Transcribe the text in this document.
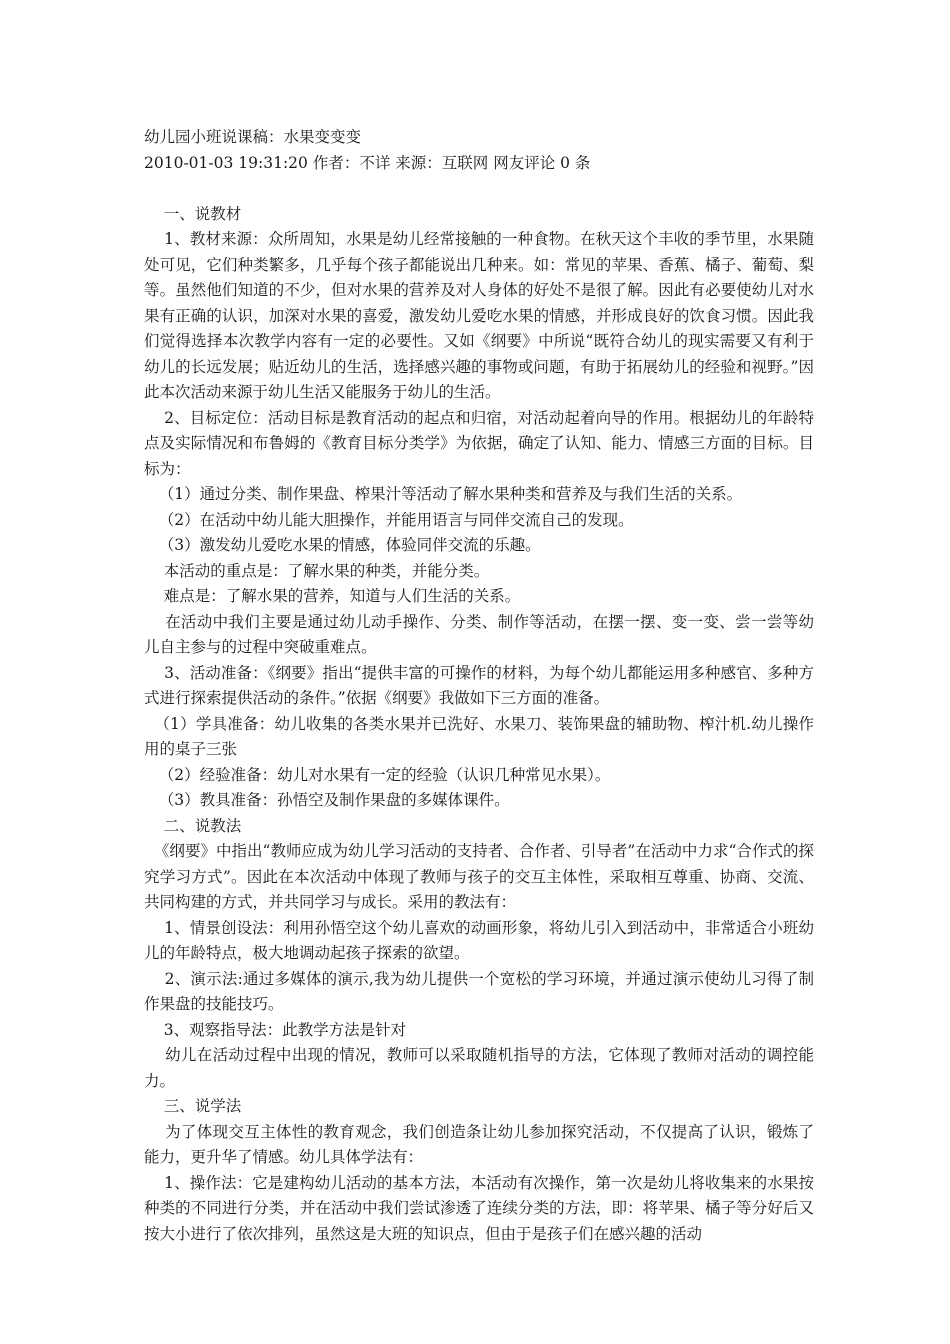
幼儿园小班说课稿：水果变变变
2010-01-03 19:31:20 作者：不详 来源：互联网 网友评论 0 条
一、说教材
1、教材来源：众所周知，水果是幼儿经常接触的一种食物。在秋天这个丰收的季节里，水果随处可见，它们种类繁多，几乎每个孩子都能说出几种来。如：常见的苹果、香蕉、橘子、葡萄、梨等。虽然他们知道的不少，但对水果的营养及对人身体的好处不是很了解。因此有必要使幼儿对水果有正确的认识，加深对水果的喜爱，激发幼儿爱吃水果的情感，并形成良好的饮食习惯。因此我们觉得选择本次教学内容有一定的必要性。又如《纲要》中所说“既符合幼儿的现实需要又有利于幼儿的长远发展；贴近幼儿的生活，选择感兴趣的事物或问题，有助于拓展幼儿的经验和视野。”因此本次活动来源于幼儿生活又能服务于幼儿的生活。
2、目标定位：活动目标是教育活动的起点和归宿，对活动起着向导的作用。根据幼儿的年龄特点及实际情况和布鲁姆的《教育目标分类学》为依据，确定了认知、能力、情感三方面的目标。目标为：
（1）通过分类、制作果盘、榨果汁等活动了解水果种类和营养及与我们生活的关系。
（2）在活动中幼儿能大胆操作，并能用语言与同伴交流自己的发现。
（3）激发幼儿爱吃水果的情感，体验同伴交流的乐趣。
本活动的重点是：了解水果的种类，并能分类。
难点是：了解水果的营养，知道与人们生活的关系。
在活动中我们主要是通过幼儿动手操作、分类、制作等活动，在摆一摆、变一变、尝一尝等幼儿自主参与的过程中突破重难点。
3、活动准备：《纲要》指出“提供丰富的可操作的材料，为每个幼儿都能运用多种感官、多种方式进行探索提供活动的条件。”依据《纲要》我做如下三方面的准备。
（1）学具准备：幼儿收集的各类水果并已洗好、水果刀、装饰果盘的辅助物、榨汁机.幼儿操作用的桌子三张
（2）经验准备：幼儿对水果有一定的经验（认识几种常见水果）。
（3）教具准备：孙悟空及制作果盘的多媒体课件。
二、说教法
《纲要》中指出“教师应成为幼儿学习活动的支持者、合作者、引导者”在活动中力求“合作式的探究学习方式”。因此在本次活动中体现了教师与孩子的交互主体性，采取相互尊重、协商、交流、共同构建的方式，并共同学习与成长。采用的教法有：
1、情景创设法：利用孙悟空这个幼儿喜欢的动画形象，将幼儿引入到活动中，非常适合小班幼儿的年龄特点，极大地调动起孩子探索的欲望。
2、演示法:通过多媒体的演示,我为幼儿提供一个宽松的学习环境，并通过演示使幼儿习得了制作果盘的技能技巧。
3、观察指导法：此教学方法是针对
幼儿在活动过程中出现的情况，教师可以采取随机指导的方法，它体现了教师对活动的调控能力。
三、说学法
为了体现交互主体性的教育观念，我们创造条让幼儿参加探究活动，不仅提高了认识，锻炼了能力，更升华了情感。幼儿具体学法有：
1、操作法：它是建构幼儿活动的基本方法，本活动有次操作，第一次是幼儿将收集来的水果按种类的不同进行分类，并在活动中我们尝试渗透了连续分类的方法，即：将苹果、橘子等分好后又按大小进行了依次排列，虽然这是大班的知识点，但由于是孩子们在感兴趣的活动
